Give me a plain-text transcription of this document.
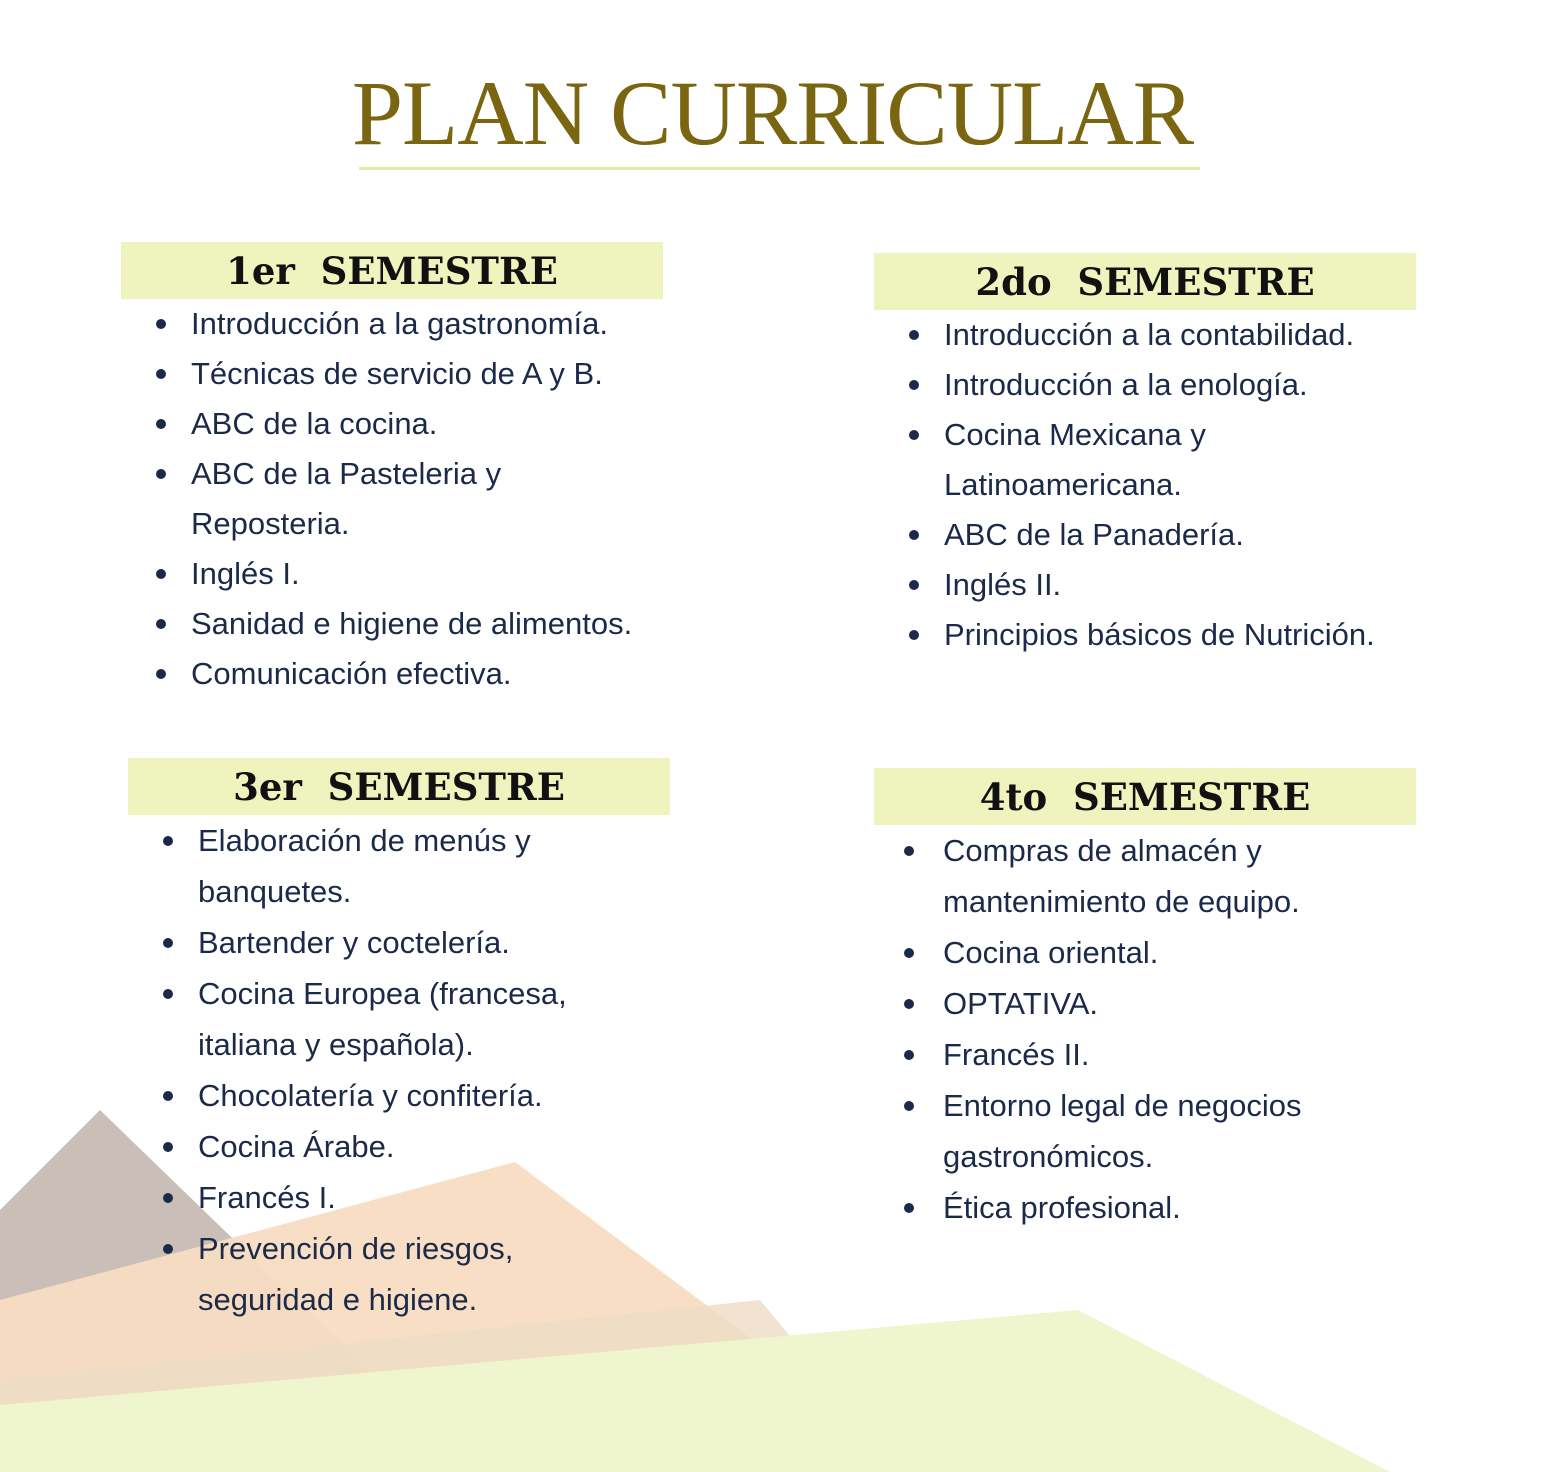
PLAN CURRICULAR
1er  SEMESTRE
Introducción a la gastronomía.
Técnicas de servicio de A y B.
ABC de la cocina.
ABC de la Pasteleria y
Reposteria.
Inglés I.
Sanidad e higiene de alimentos.
Comunicación efectiva.
2do  SEMESTRE
Introducción a la contabilidad.
Introducción a la enología.
Cocina Mexicana y
Latinoamericana.
ABC de la Panadería.
Inglés II.
Principios básicos de Nutrición.
3er  SEMESTRE
Elaboración de menús y
banquetes.
Bartender y coctelería.
Cocina Europea (francesa,
italiana y española).
Chocolatería y confitería.
Cocina Árabe.
Francés I.
Prevención de riesgos,
seguridad e higiene.
4to  SEMESTRE
Compras de almacén y
mantenimiento de equipo.
Cocina oriental.
OPTATIVA.
Francés II.
Entorno legal de negocios
gastronómicos.
Ética profesional.
